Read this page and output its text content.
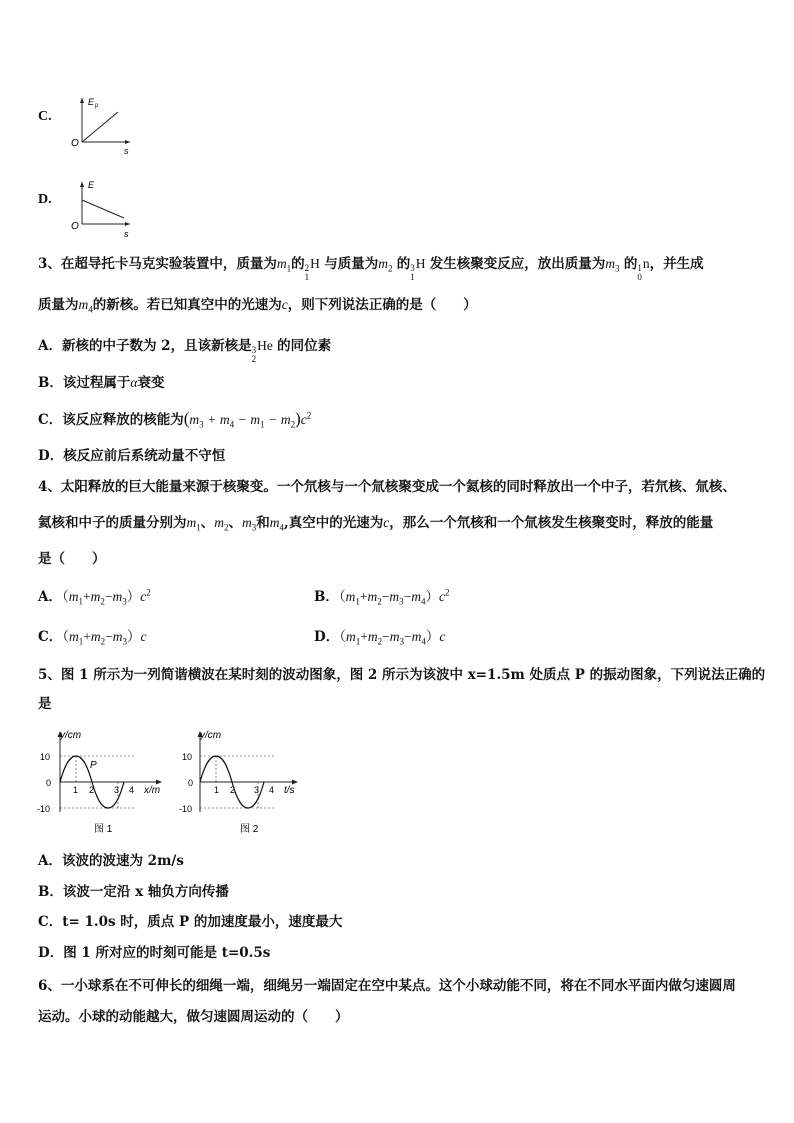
C.
E p
O
s
D.
E
O
s
3、在超导托卡马克实验装置中，质量为$m_1$的 2
1
H 与质量为$m_2$ 的 3
1
H 发生核聚变反应，放出质量为$m_3$ 的 1
0
n，并生成
质量为$m_4$的新核。若已知真空中的光速为c，则下列说法正确的是（　　）
A．新核的中子数为 2，且该新核是 3
2
He 的同位素
B．该过程属于α衰变
C．该反应释放的核能为$(m_3 + m_4 - m_1 - m_2)c^2$
D．核反应前后系统动量不守恒
4、太阳释放的巨大能量来源于核聚变。一个氘核与一个氚核聚变成一个氦核的同时释放出一个中子，若氘核、氚核、
氦核和中子的质量分别为$m_1$、$m_2$、$m_3$和$m_4$,真空中的光速为c，那么一个氘核和一个氚核发生核聚变时，释放的能量
是（　　）
A．$(m_1+m_2-m_3)c^2$	B．$(m_1+m_2-m_3-m_4)c^2$
C．$(m_1+m_2-m_3)c$	D．$(m_1+m_2-m_3-m_4)c$
5、图 1 所示为一列简谐横波在某时刻的波动图象，图 2 所示为该波中 x=1.5m 处质点 P 的振动图象，下列说法正确的
是
y/cm
P
10
0
-10
1 2 3 4 x/m
图 1
y/cm
10
0
-10
1 2 3 4 t/s
图 2
A．该波的波速为 2m/s
B．该波一定沿 x 轴负方向传播
C．t= 1.0s 时，质点 P 的加速度最小，速度最大
D．图 1 所对应的时刻可能是 t=0.5s
6、一小球系在不可伸长的细绳一端，细绳另一端固定在空中某点。这个小球动能不同，将在不同水平面内做匀速圆周
运动。小球的动能越大，做匀速圆周运动的（　　）
